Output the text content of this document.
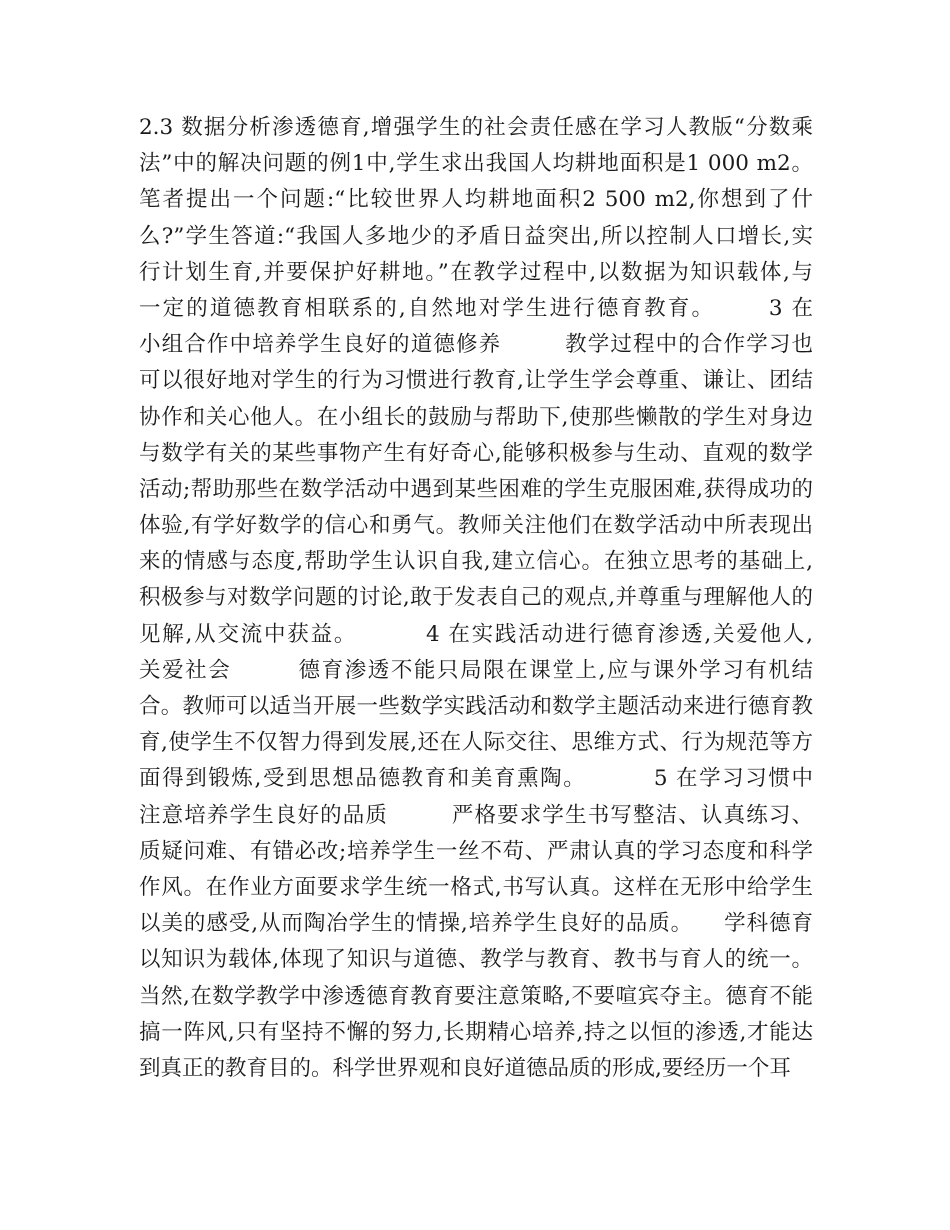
2.3 数据分析渗透德育,增强学生的社会责任感在学习人教版“分数乘
法”中的解决问题的例1中,学生求出我国人均耕地面积是1 000 m2。
笔者提出一个问题:“比较世界人均耕地面积2 500 m2,你想到了什
么?”学生答道:“我国人多地少的矛盾日益突出,所以控制人口增长,实
行计划生育,并要保护好耕地。”在教学过程中,以数据为知识载体,与
一定的道德教育相联系的,自然地对学生进行德育教育。      3 在
小组合作中培养学生良好的道德修养        教学过程中的合作学习也
可以很好地对学生的行为习惯进行教育,让学生学会尊重、谦让、团结
协作和关心他人。在小组长的鼓励与帮助下,使那些懒散的学生对身边
与数学有关的某些事物产生有好奇心,能够积极参与生动、直观的数学
活动;帮助那些在数学活动中遇到某些困难的学生克服困难,获得成功的
体验,有学好数学的信心和勇气。教师关注他们在数学活动中所表现出
来的情感与态度,帮助学生认识自我,建立信心。在独立思考的基础上,
积极参与对数学问题的讨论,敢于发表自己的观点,并尊重与理解他人的
见解,从交流中获益。        4 在实践活动进行德育渗透,关爱他人,
关爱社会        德育渗透不能只局限在课堂上,应与课外学习有机结
合。教师可以适当开展一些数学实践活动和数学主题活动来进行德育教
育,使学生不仅智力得到发展,还在人际交往、思维方式、行为规范等方
面得到锻炼,受到思想品德教育和美育熏陶。        5 在学习习惯中
注意培养学生良好的品质        严格要求学生书写整洁、认真练习、
质疑问难、有错必改;培养学生一丝不苟、严肃认真的学习态度和科学
作风。在作业方面要求学生统一格式,书写认真。这样在无形中给学生
以美的感受,从而陶冶学生的情操,培养学生良好的品质。    学科德育
以知识为载体,体现了知识与道德、教学与教育、教书与育人的统一。
当然,在数学教学中渗透德育教育要注意策略,不要喧宾夺主。德育不能
搞一阵风,只有坚持不懈的努力,长期精心培养,持之以恒的渗透,才能达
到真正的教育目的。科学世界观和良好道德品质的形成,要经历一个耳
